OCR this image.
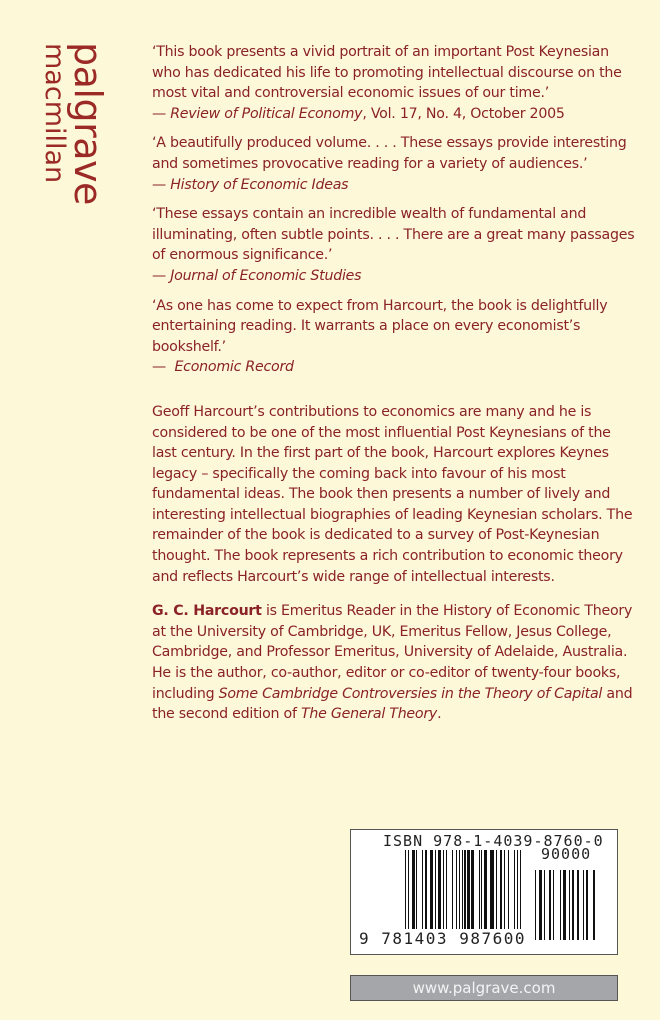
palgrave
macmillan	‘This book presents a vivid portrait of an important Post Keynesian

who has dedicated his life to promoting intellectual discourse on the

most vital and controversial economic issues of our time.’

— Review of Political Economy, Vol. 17, No. 4, October 2005

‘A beautifully produced volume. . . . These essays provide interesting

and sometimes provocative reading for a variety of audiences.’

— History of Economic Ideas

‘These essays contain an incredible wealth of fundamental and

illuminating, often subtle points. . . . There are a great many passages

of enormous significance.’

— Journal of Economic Studies

‘As one has come to expect from Harcourt, the book is delightfully

entertaining reading. It warrants a place on every economist’s

bookshelf.’

—  Economic Record

Geoff Harcourt’s contributions to economics are many and he is

considered to be one of the most influential Post Keynesians of the

last century. In the first part of the book, Harcourt explores Keynes

legacy – specifically the coming back into favour of his most

fundamental ideas. The book then presents a number of lively and

interesting intellectual biographies of leading Keynesian scholars. The

remainder of the book is dedicated to a survey of Post-Keynesian

thought. The book represents a rich contribution to economic theory

and reflects Harcourt’s wide range of intellectual interests.

G. C. Harcourt is Emeritus Reader in the History of Economic Theory

at the University of Cambridge, UK, Emeritus Fellow, Jesus College,

Cambridge, and Professor Emeritus, University of Adelaide, Australia.

He is the author, co-author, editor or co-editor of twenty-four books,

including Some Cambridge Controversies in the Theory of Capital and

the second edition of The General Theory.

ISBN 978-1-4039-8760-0
90000
9 781403 987600
www.palgrave.com
